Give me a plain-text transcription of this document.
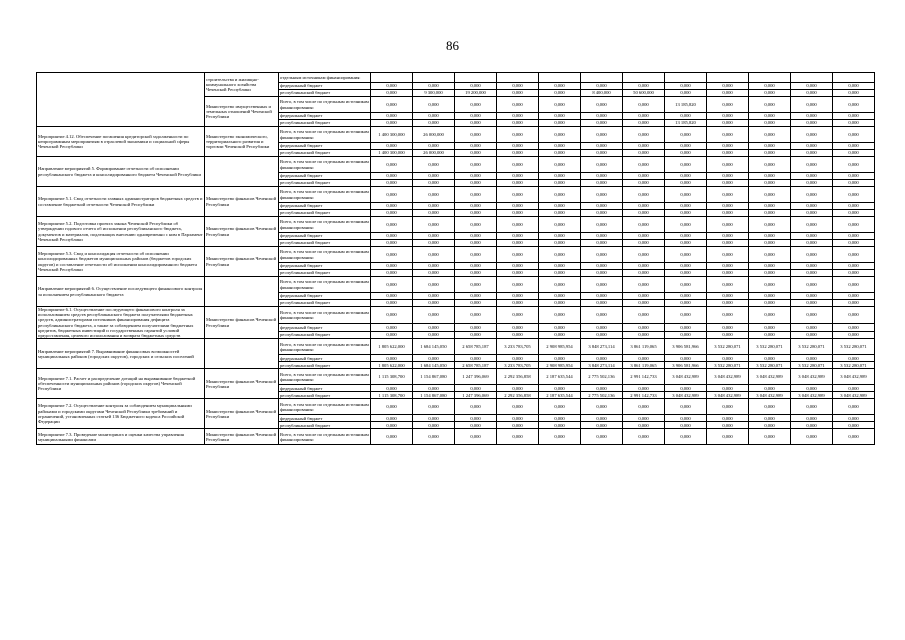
86
	строительства и жилищно-коммунального хозяйства Чеченской Республики	отдельным источникам финансирования:												
		федеральный бюджет	0,000	0,000	0,000	0,000	0,000	0,000	0,000	0,000	0,000	0,000	0,000	0,000
		республиканский бюджет	0,000	9 300,000	19 200,000	0,000	0,000	8 400,000	50 600,000	0,000	0,000	0,000	0,000	0,000
	Министерство имущественных и земельных отношений Чеченской Республики	Всего, в том числе по отдельным источникам финансирования:	0,000	0,000	0,000	0,000	0,000	0,000	0,000	13 185,820	0,000	0,000	0,000	0,000
		федеральный бюджет	0,000	0,000	0,000	0,000	0,000	0,000	0,000	0,000	0,000	0,000	0,000	0,000
		республиканский бюджет	0,000	0,000	0,000	0,000	0,000	0,000	0,000	13 185,820	0,000	0,000	0,000	0,000
Мероприятие 4.12. Обеспечение погашения кредиторской задолженности по непрограммным мероприятиям в отраслевой экономики и социальной сферы Чеченской Республики	Министерство экономического, территориального развития и торговли Чеченской Республики	Всего, в том числе по отдельным источникам финансирования:	1 400 300,000	26 000,000	0,000	0,000	0,000	0,000	0,000	0,000	0,000	0,000	0,000	0,000
		федеральный бюджет	0,000	0,000	0,000	0,000	0,000	0,000	0,000	0,000	0,000	0,000	0,000	0,000
		республиканский бюджет	1 400 300,000	26 000,000	0,000	0,000	0,000	0,000	0,000	0,000	0,000	0,000	0,000	0,000
Направление мероприятий 5. Формирование отчетности об исполнении республиканского бюджета и консолидированного бюджета Чеченской Республики		Всего, в том числе по отдельным источникам финансирования:	0,000	0,000	0,000	0,000	0,000	0,000	0,000	0,000	0,000	0,000	0,000	0,000
		федеральный бюджет	0,000	0,000	0,000	0,000	0,000	0,000	0,000	0,000	0,000	0,000	0,000	0,000
		республиканский бюджет	0,000	0,000	0,000	0,000	0,000	0,000	0,000	0,000	0,000	0,000	0,000	0,000
Мероприятие 5.1. Свод отчетности главных администраторов бюджетных средств и составление бюджетной отчетности Чеченской Республики	Министерство финансов Чеченской Республики	Всего, в том числе по отдельным источникам финансирования:	0,000	0,000	0,000	0,000	0,000	0,000	0,000	0,000	0,000	0,000	0,000	0,000
		федеральный бюджет	0,000	0,000	0,000	0,000	0,000	0,000	0,000	0,000	0,000	0,000	0,000	0,000
		республиканский бюджет	0,000	0,000	0,000	0,000	0,000	0,000	0,000	0,000	0,000	0,000	0,000	0,000
Мероприятие 5.2. Подготовка проекта закона Чеченской Республики об утверждении годового отчета об исполнении республиканского бюджета, документов и материалов, подлежащих внесению одновременно с ним в Парламент Чеченской Республики	Министерство финансов Чеченской Республики	Всего, в том числе по отдельным источникам финансирования:	0,000	0,000	0,000	0,000	0,000	0,000	0,000	0,000	0,000	0,000	0,000	0,000
		федеральный бюджет	0,000	0,000	0,000	0,000	0,000	0,000	0,000	0,000	0,000	0,000	0,000	0,000
		республиканский бюджет	0,000	0,000	0,000	0,000	0,000	0,000	0,000	0,000	0,000	0,000	0,000	0,000
Мероприятие 5.3. Свод и консолидация отчетности об исполнении консолидированных бюджетов муниципальных районов (бюджетов городских округов) и составление отчетности об исполнении консолидированного бюджета Чеченской Республики	Министерство финансов Чеченской Республики	Всего, в том числе по отдельным источникам финансирования:	0,000	0,000	0,000	0,000	0,000	0,000	0,000	0,000	0,000	0,000	0,000	0,000
		федеральный бюджет	0,000	0,000	0,000	0,000	0,000	0,000	0,000	0,000	0,000	0,000	0,000	0,000
		республиканский бюджет	0,000	0,000	0,000	0,000	0,000	0,000	0,000	0,000	0,000	0,000	0,000	0,000
Направление мероприятий 6. Осуществление последующего финансового контроля за исполнением республиканского бюджета		Всего, в том числе по отдельным источникам финансирования:	0,000	0,000	0,000	0,000	0,000	0,000	0,000	0,000	0,000	0,000	0,000	0,000
		федеральный бюджет	0,000	0,000	0,000	0,000	0,000	0,000	0,000	0,000	0,000	0,000	0,000	0,000
		республиканский бюджет	0,000	0,000	0,000	0,000	0,000	0,000	0,000	0,000	0,000	0,000	0,000	0,000
Мероприятие 6.1. Осуществление последующего финансового контроля за использованием средств республиканского бюджета получателями бюджетных средств, администраторами источников финансирования дефицита республиканского бюджета, а также за соблюдением получателями бюджетных кредитов, бюджетных инвестиций и государственных гарантий условий предоставления, целевого использования и возврата бюджетных средств	Министерство финансов Чеченской Республики	Всего, в том числе по отдельным источникам финансирования:	0,000	0,000	0,000	0,000	0,000	0,000	0,000	0,000	0,000	0,000	0,000	0,000
		федеральный бюджет	0,000	0,000	0,000	0,000	0,000	0,000	0,000	0,000	0,000	0,000	0,000	0,000
		республиканский бюджет	0,000	0,000	0,000	0,000	0,000	0,000	0,000	0,000	0,000	0,000	0,000	0,000
Направление мероприятий 7. Выравнивание финансовых возможностей муниципальных районов (городских округов), городских и сельских поселений		Всего, в том числе по отдельным источникам финансирования:	1 805 622,000	1 684 145,050	2 658 785,187	3 233 783,705	2 908 985,954	3 848 273,114	3 861 119,065	3 906 581,966	3 532 280,071	3 532 280,071	3 532 280,071	3 532 280,071
		федеральный бюджет	0,000	0,000	0,000	0,000	0,000	0,000	0,000	0,000	0,000	0,000	0,000	0,000
		республиканский бюджет	1 805 622,000	1 684 145,050	2 658 785,187	3 233 783,705	2 908 985,954	3 848 273,114	3 861 119,065	3 906 581,966	3 532 280,071	3 532 280,071	3 532 280,071	3 532 280,071
Мероприятие 7.1. Расчет и распределение дотаций на выравнивание бюджетной обеспеченности муниципальных районов (городских округов) Чеченской Республики	Министерство финансов Чеченской Республики	Всего, в том числе по отдельным источникам финансирования:	1 115 308,700	1 154 867,080	1 247 396,069	2 292 356,858	2 187 635,544	2 775 502,136	2 991 142,733	3 048 432,989	3 048 432,989	3 048 432,989	3 048 432,989	3 048 432,989
		федеральный бюджет	0,000	0,000	0,000	0,000	0,000	0,000	0,000	0,000	0,000	0,000	0,000	0,000
		республиканский бюджет	1 115 308,700	1 154 867,080	1 247 396,069	2 292 356,858	2 187 635,544	2 775 502,136	2 991 142,733	3 048 432,989	3 048 432,989	3 048 432,989	3 048 432,989	3 048 432,989
Мероприятие 7.2. Осуществление контроля за соблюдением муниципальными районами и городскими округами Чеченской Республики требований и ограничений, установленных статьей 136 Бюджетного кодекса Российской Федерации	Министерство финансов Чеченской Республики	Всего, в том числе по отдельным источникам финансирования:	0,000	0,000	0,000	0,000	0,000	0,000	0,000	0,000	0,000	0,000	0,000	0,000
		федеральный бюджет	0,000	0,000	0,000	0,000	0,000	0,000	0,000	0,000	0,000	0,000	0,000	0,000
		республиканский бюджет	0,000	0,000	0,000	0,000	0,000	0,000	0,000	0,000	0,000	0,000	0,000	0,000
Мероприятие 7.3. Проведение мониторинга и оценки качества управления муниципальными финансами	Министерство финансов Чеченской Республики	Всего, в том числе по отдельным источникам финансирования:	0,000	0,000	0,000	0,000	0,000	0,000	0,000	0,000	0,000	0,000	0,000	0,000
